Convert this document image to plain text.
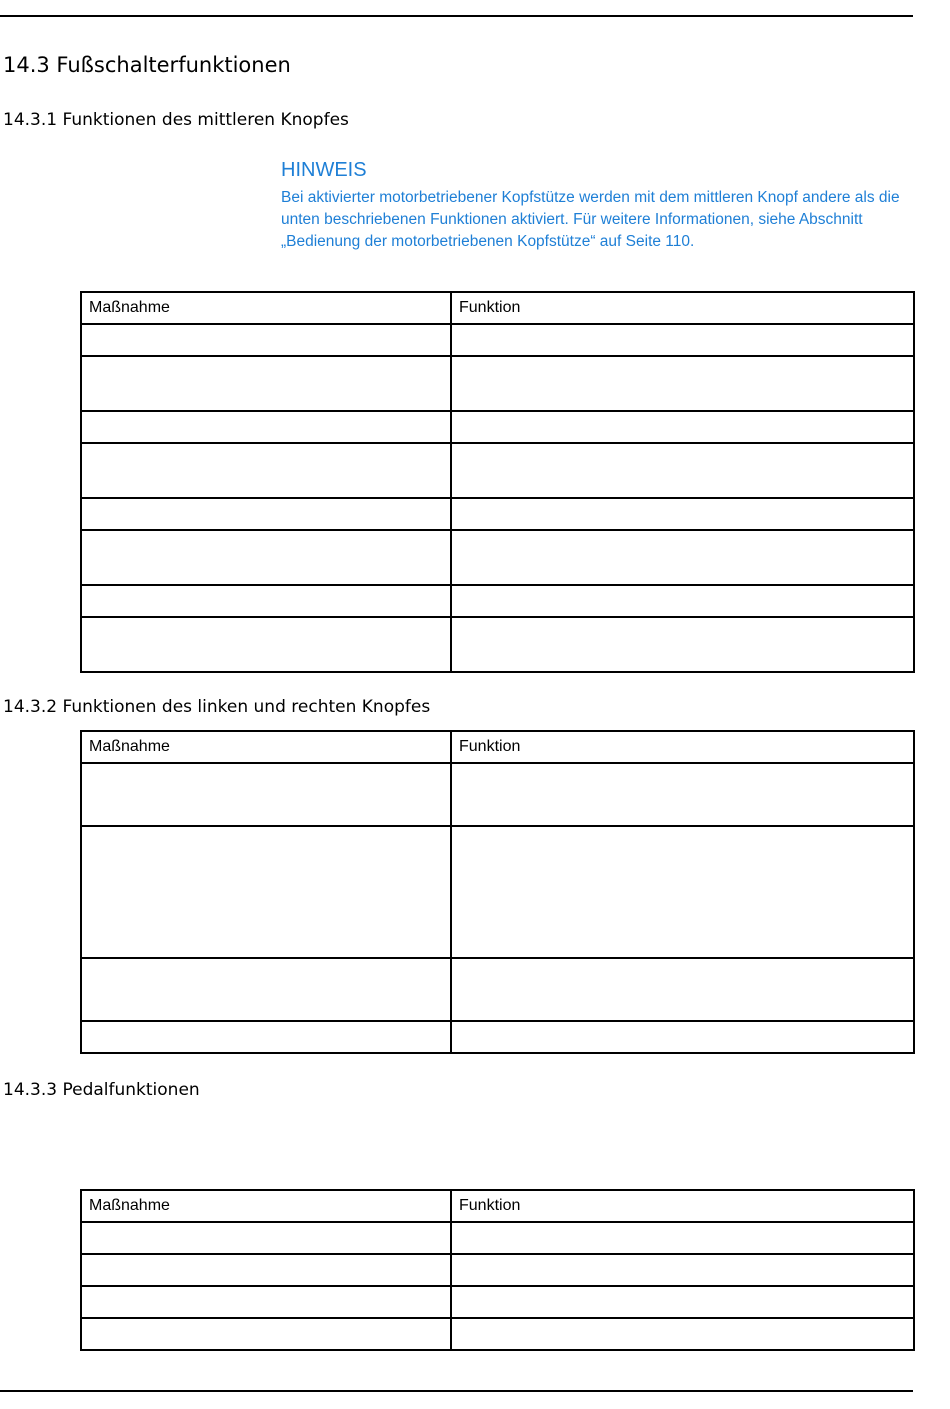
14.3 Fußschalterfunktionen
14.3.1 Funktionen des mittleren Knopfes
HINWEIS
Bei aktivierter motorbetriebener Kopfstütze werden mit dem mittleren Knopf andere als die unten beschriebenen Funktionen aktiviert. Für weitere Informationen, siehe Abschnitt „Bedienung der motorbetriebenen Kopfstütze“ auf Seite 110.
Maßnahme	Funktion

14.3.2 Funktionen des linken und rechten Knopfes
Maßnahme	Funktion

14.3.3 Pedalfunktionen
Maßnahme	Funktion
